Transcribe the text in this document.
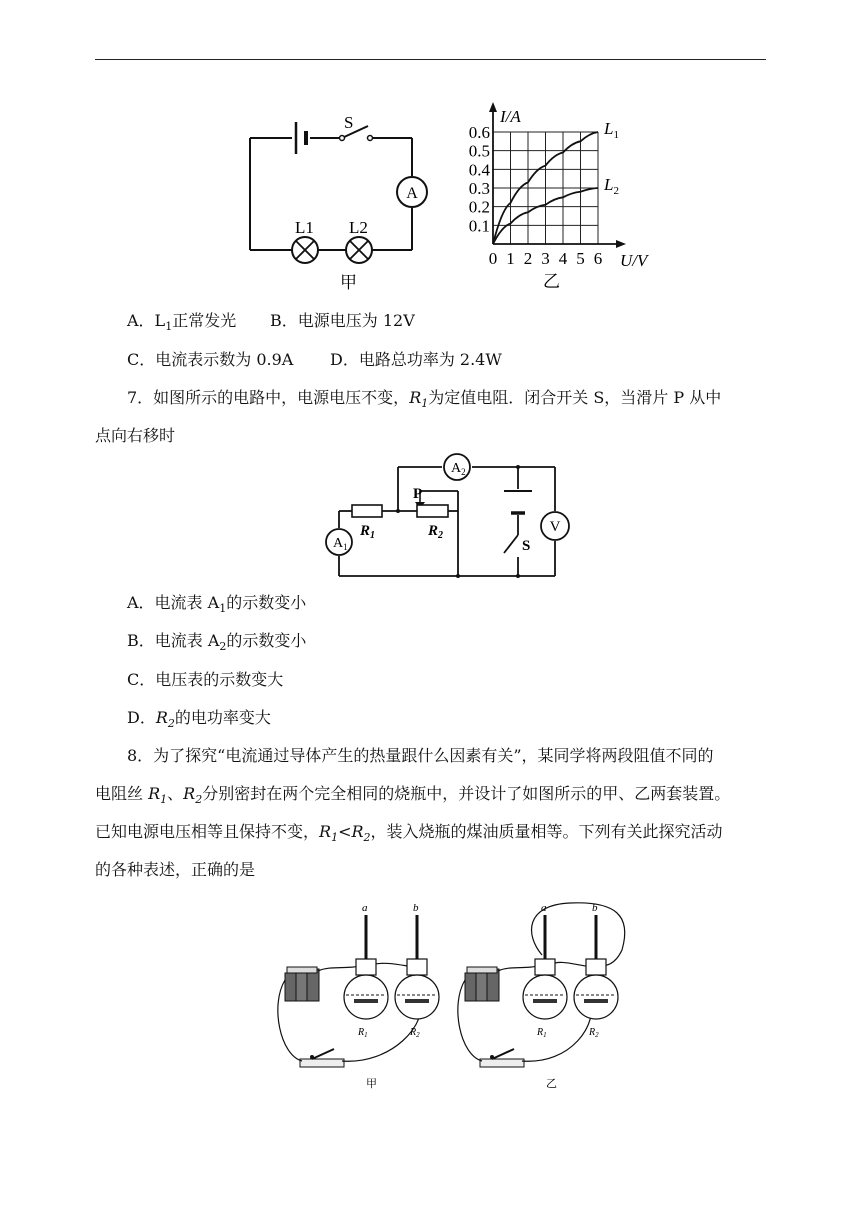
S
A
L1 L2
甲
$L_1$
$L_2$
0 1 2 3 4 5 6
0.1
0.2
0.3
0.4
0.5
0.6
I/A
U/V
乙
A．$L_1$正常发光 B．电源电压为 12V
C．电流表示数为 0.9A D．电路总功率为 2.4W
7．如图所示的电路中，电源电压不变，$R_1$为定值电阻．闭合开关 S，当滑片 P 从中
点向右移时
$A_2$
$A_1$
V
P
$R_1$	$R_2$
S
A．电流表 $A_1$的示数变小
B．电流表 $A_2$的示数变小
C．电压表的示数变大
D．$R_2$的电功率变大
8．为了探究“电流通过导体产生的热量跟什么因素有关”，某同学将两段阻值不同的
电阻丝 $R_1$、$R_2$分别密封在两个完全相同的烧瓶中，并设计了如图所示的甲、乙两套装置。
已知电源电压相等且保持不变，$R_1<R_2$，装入烧瓶的煤油质量相等。下列有关此探究活动
的各种表述，正确的是
a	b
$R_1$	$R_2$
甲
a	b
$R_1$	$R_2$
乙
